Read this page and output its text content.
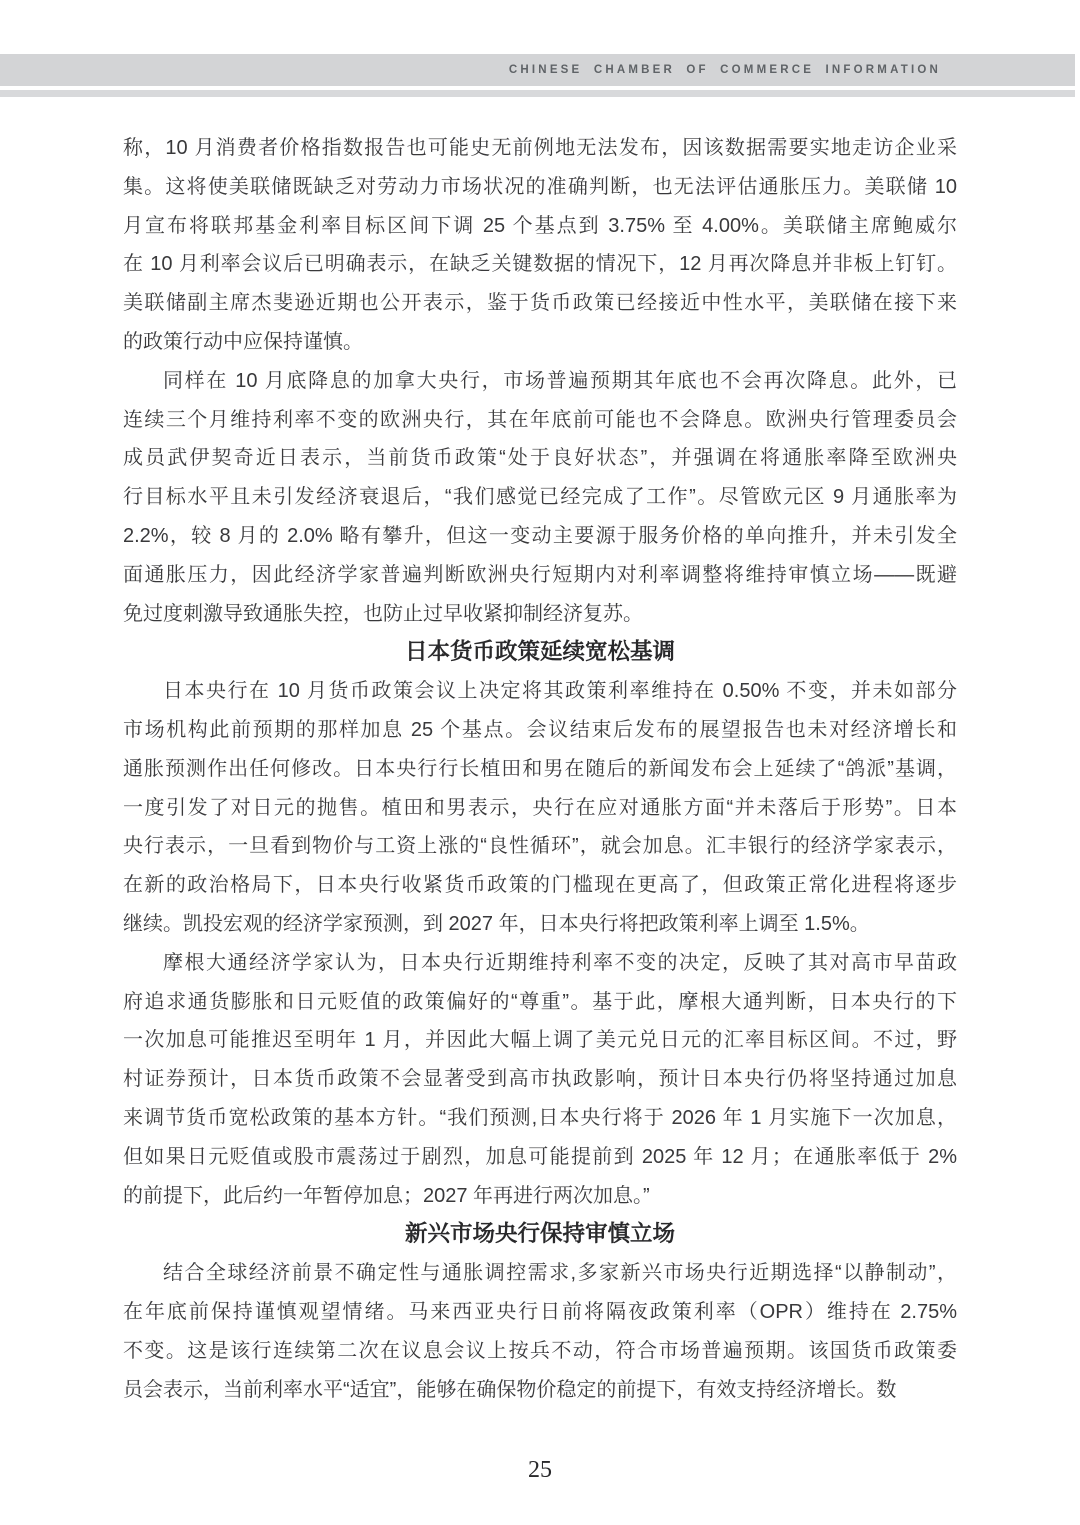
CHINESE CHAMBER OF COMMERCE INFORMATION
称，10 月消费者价格指数报告也可能史无前例地无法发布，因该数据需要实地走访企业采
集。这将使美联储既缺乏对劳动力市场状况的准确判断，也无法评估通胀压力。美联储 10
月宣布将联邦基金利率目标区间下调 25 个基点到 3.75% 至 4.00%。美联储主席鲍威尔
在 10 月利率会议后已明确表示，在缺乏关键数据的情况下，12 月再次降息并非板上钉钉。
美联储副主席杰斐逊近期也公开表示，鉴于货币政策已经接近中性水平，美联储在接下来
的政策行动中应保持谨慎。
同样在 10 月底降息的加拿大央行，市场普遍预期其年底也不会再次降息。此外，已
连续三个月维持利率不变的欧洲央行，其在年底前可能也不会降息。欧洲央行管理委员会
成员武伊契奇近日表示，当前货币政策“处于良好状态”，并强调在将通胀率降至欧洲央
行目标水平且未引发经济衰退后，“我们感觉已经完成了工作”。尽管欧元区 9 月通胀率为
2.2%，较 8 月的 2.0% 略有攀升，但这一变动主要源于服务价格的单向推升，并未引发全
面通胀压力，因此经济学家普遍判断欧洲央行短期内对利率调整将维持审慎立场——既避
免过度刺激导致通胀失控，也防止过早收紧抑制经济复苏。
日本货币政策延续宽松基调
日本央行在 10 月货币政策会议上决定将其政策利率维持在 0.50% 不变，并未如部分
市场机构此前预期的那样加息 25 个基点。会议结束后发布的展望报告也未对经济增长和
通胀预测作出任何修改。日本央行行长植田和男在随后的新闻发布会上延续了“鸽派”基调，
一度引发了对日元的抛售。植田和男表示，央行在应对通胀方面“并未落后于形势”。日本
央行表示，一旦看到物价与工资上涨的“良性循环”，就会加息。汇丰银行的经济学家表示，
在新的政治格局下，日本央行收紧货币政策的门槛现在更高了，但政策正常化进程将逐步
继续。凯投宏观的经济学家预测，到 2027 年，日本央行将把政策利率上调至 1.5%。
摩根大通经济学家认为，日本央行近期维持利率不变的决定，反映了其对高市早苗政
府追求通货膨胀和日元贬值的政策偏好的“尊重”。基于此，摩根大通判断，日本央行的下
一次加息可能推迟至明年 1 月，并因此大幅上调了美元兑日元的汇率目标区间。不过，野
村证券预计，日本货币政策不会显著受到高市执政影响，预计日本央行仍将坚持通过加息
来调节货币宽松政策的基本方针。“我们预测,日本央行将于 2026 年 1 月实施下一次加息，
但如果日元贬值或股市震荡过于剧烈，加息可能提前到 2025 年 12 月；在通胀率低于 2%
的前提下，此后约一年暂停加息；2027 年再进行两次加息。”
新兴市场央行保持审慎立场
结合全球经济前景不确定性与通胀调控需求,多家新兴市场央行近期选择“以静制动”，
在年底前保持谨慎观望情绪。马来西亚央行日前将隔夜政策利率（OPR）维持在 2.75%
不变。这是该行连续第二次在议息会议上按兵不动，符合市场普遍预期。该国货币政策委
员会表示，当前利率水平“适宜”，能够在确保物价稳定的前提下，有效支持经济增长。数
25
